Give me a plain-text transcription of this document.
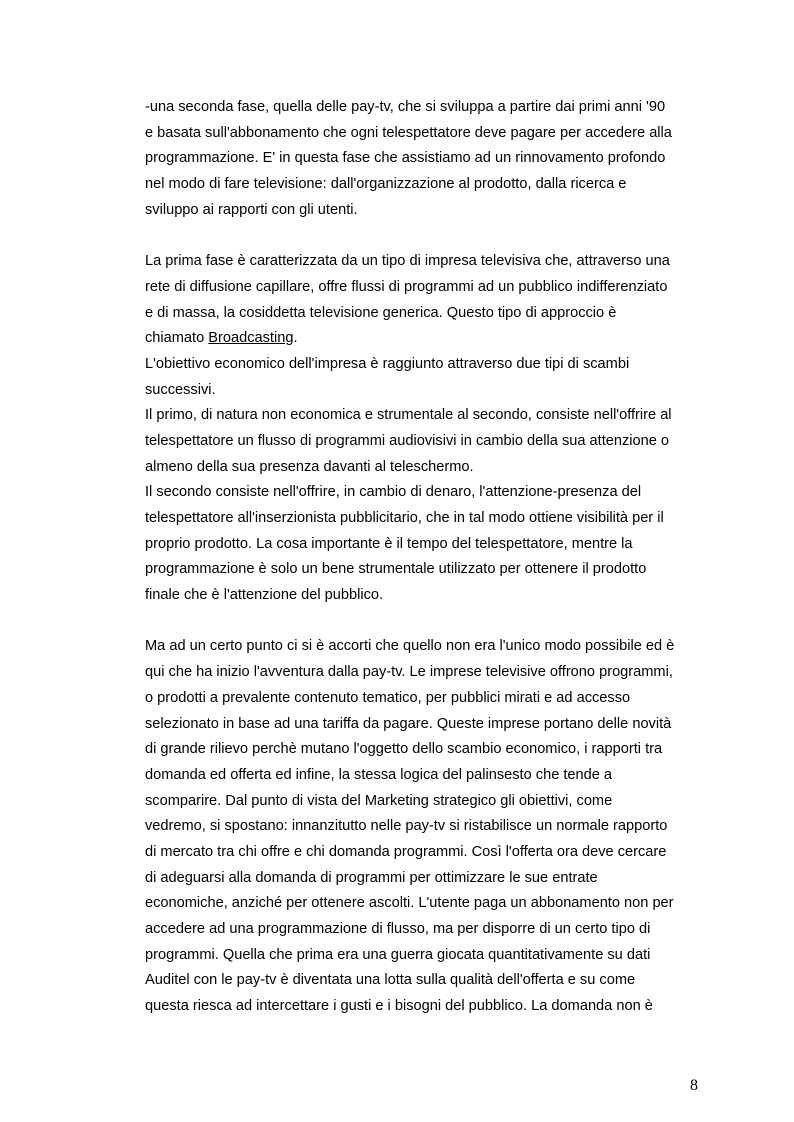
-una seconda fase, quella delle pay-tv, che si sviluppa a partire dai primi anni '90
e basata sull'abbonamento che ogni telespettatore deve pagare per accedere alla
programmazione. E' in questa fase che assistiamo ad un rinnovamento profondo
nel modo di fare televisione: dall'organizzazione al prodotto, dalla ricerca e
sviluppo ai rapporti con gli utenti.
La prima fase è caratterizzata da un tipo di impresa televisiva che, attraverso una
rete di diffusione capillare, offre flussi di programmi ad un pubblico indifferenziato
e di massa, la cosiddetta televisione generica. Questo tipo di approccio è
chiamato Broadcasting.
L'obiettivo economico dell'impresa è raggiunto attraverso due tipi di scambi
successivi.
Il primo, di natura non economica e strumentale al secondo, consiste nell'offrire al
telespettatore un flusso di programmi audiovisivi in cambio della sua attenzione o
almeno della sua presenza davanti al teleschermo.
Il secondo consiste nell'offrire, in cambio di denaro, l'attenzione-presenza del
telespettatore all'inserzionista pubblicitario, che in tal modo ottiene visibilità per il
proprio prodotto. La cosa importante è il tempo del telespettatore, mentre la
programmazione è solo un bene strumentale utilizzato per ottenere il prodotto
finale che è l'attenzione del pubblico.
Ma ad un certo punto ci si è accorti che quello non era l'unico modo possibile ed è
qui che ha inizio l'avventura dalla pay-tv. Le imprese televisive offrono programmi,
o prodotti a prevalente contenuto tematico, per pubblici mirati e ad accesso
selezionato in base ad una tariffa da pagare. Queste imprese portano delle novità
di grande rilievo perchè mutano l'oggetto dello scambio economico, i rapporti tra
domanda ed offerta ed infine, la stessa logica del palinsesto che tende a
scomparire. Dal punto di vista del Marketing strategico gli obiettivi, come
vedremo, si spostano: innanzitutto nelle pay-tv si ristabilisce un normale rapporto
di mercato tra chi offre e chi domanda programmi. Così l'offerta ora deve cercare
di adeguarsi alla domanda di programmi per ottimizzare le sue entrate
economiche, anziché per ottenere ascolti. L'utente paga un abbonamento non per
accedere ad una programmazione di flusso, ma per disporre di un certo tipo di
programmi. Quella che prima era una guerra giocata quantitativamente su dati
Auditel con le pay-tv è diventata una lotta sulla qualità dell'offerta e su come
questa riesca ad intercettare i gusti e i bisogni del pubblico. La domanda non è
8
